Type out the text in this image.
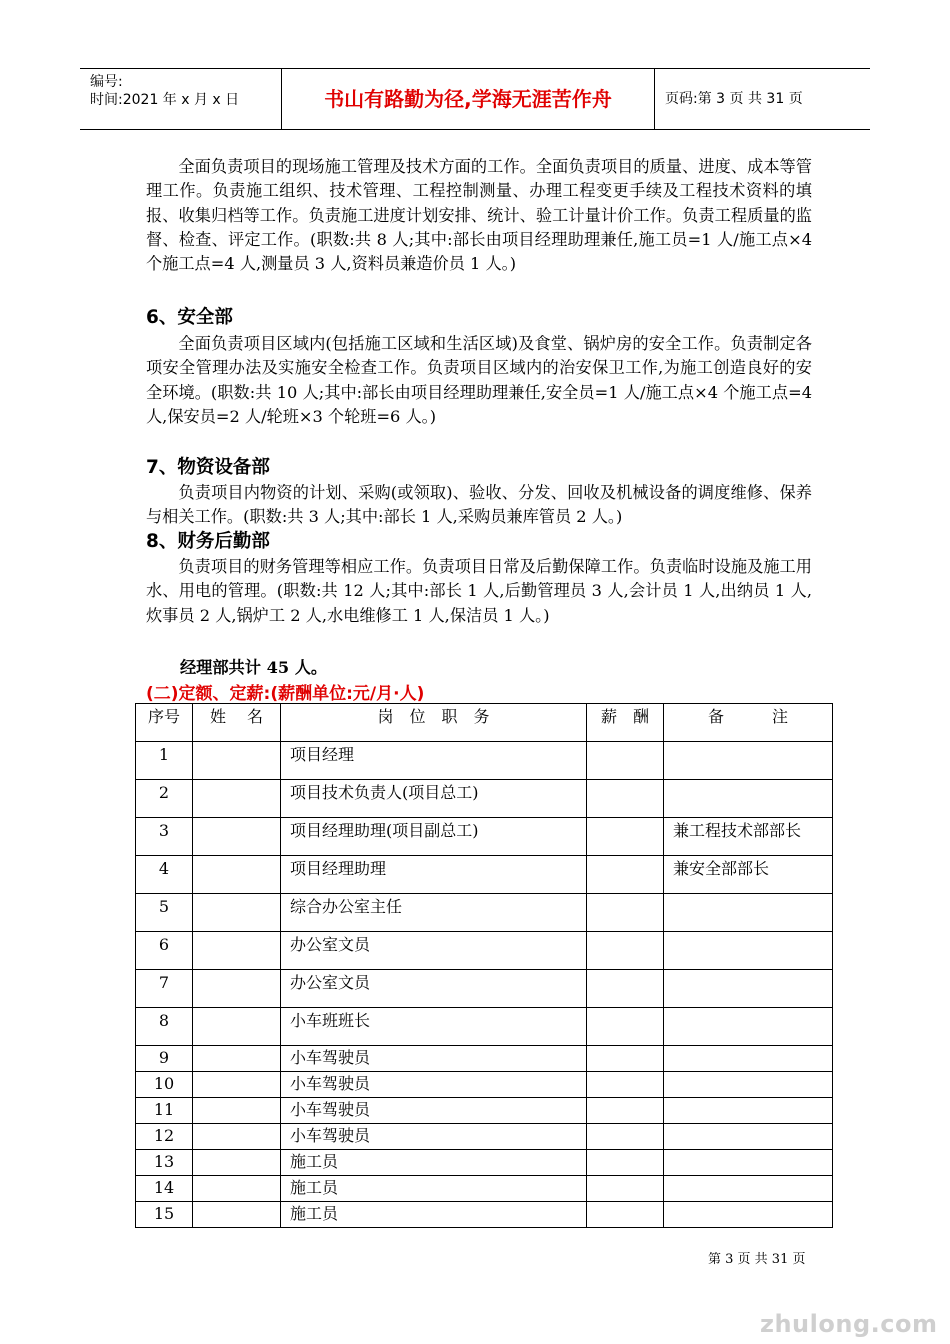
编号:
时间:2021 年 x 月 x 日	书山有路勤为径,学海无涯苦作舟	页码:第 3 页 共 31 页
全面负责项目的现场施工管理及技术方面的工作。全面负责项目的质量、进度、成本等管理工作。负责施工组织、技术管理、工程控制测量、办理工程变更手续及工程技术资料的填报、收集归档等工作。负责施工进度计划安排、统计、验工计量计价工作。负责工程质量的监督、检查、评定工作。(职数:共 8 人;其中:部长由项目经理助理兼任,施工员=1 人/施工点×4 个施工点=4 人,测量员 3 人,资料员兼造价员 1 人。)
6、安全部
全面负责项目区域内(包括施工区域和生活区域)及食堂、锅炉房的安全工作。负责制定各项安全管理办法及实施安全检查工作。负责项目区域内的治安保卫工作,为施工创造良好的安全环境。(职数:共 10 人;其中:部长由项目经理助理兼任,安全员=1 人/施工点×4 个施工点=4 人,保安员=2 人/轮班×3 个轮班=6 人。)
7、物资设备部
负责项目内物资的计划、采购(或领取)、验收、分发、回收及机械设备的调度维修、保养与相关工作。(职数:共 3 人;其中:部长 1 人,采购员兼库管员 2 人。)
8、财务后勤部
负责项目的财务管理等相应工作。负责项目日常及后勤保障工作。负责临时设施及施工用水、用电的管理。(职数:共 12 人;其中:部长 1 人,后勤管理员 3 人,会计员 1 人,出纳员 1 人,炊事员 2 人,锅炉工 2 人,水电维修工 1 人,保洁员 1 人。)
经理部共计 45 人。
(二)定额、定薪:(薪酬单位:元/月·人)
序号	姓　 名	岗　位　职　务	薪　酬	备　　　注
1		项目经理		
2		项目技术负责人(项目总工)		
3		项目经理助理(项目副总工)		兼工程技术部部长
4		项目经理助理		兼安全部部长
5		综合办公室主任		
6		办公室文员		
7		办公室文员		
8		小车班班长		
9		小车驾驶员		
10		小车驾驶员		
11		小车驾驶员		
12		小车驾驶员		
13		施工员		
14		施工员		
15		施工员		
第 3 页 共 31 页
zhulong.com
